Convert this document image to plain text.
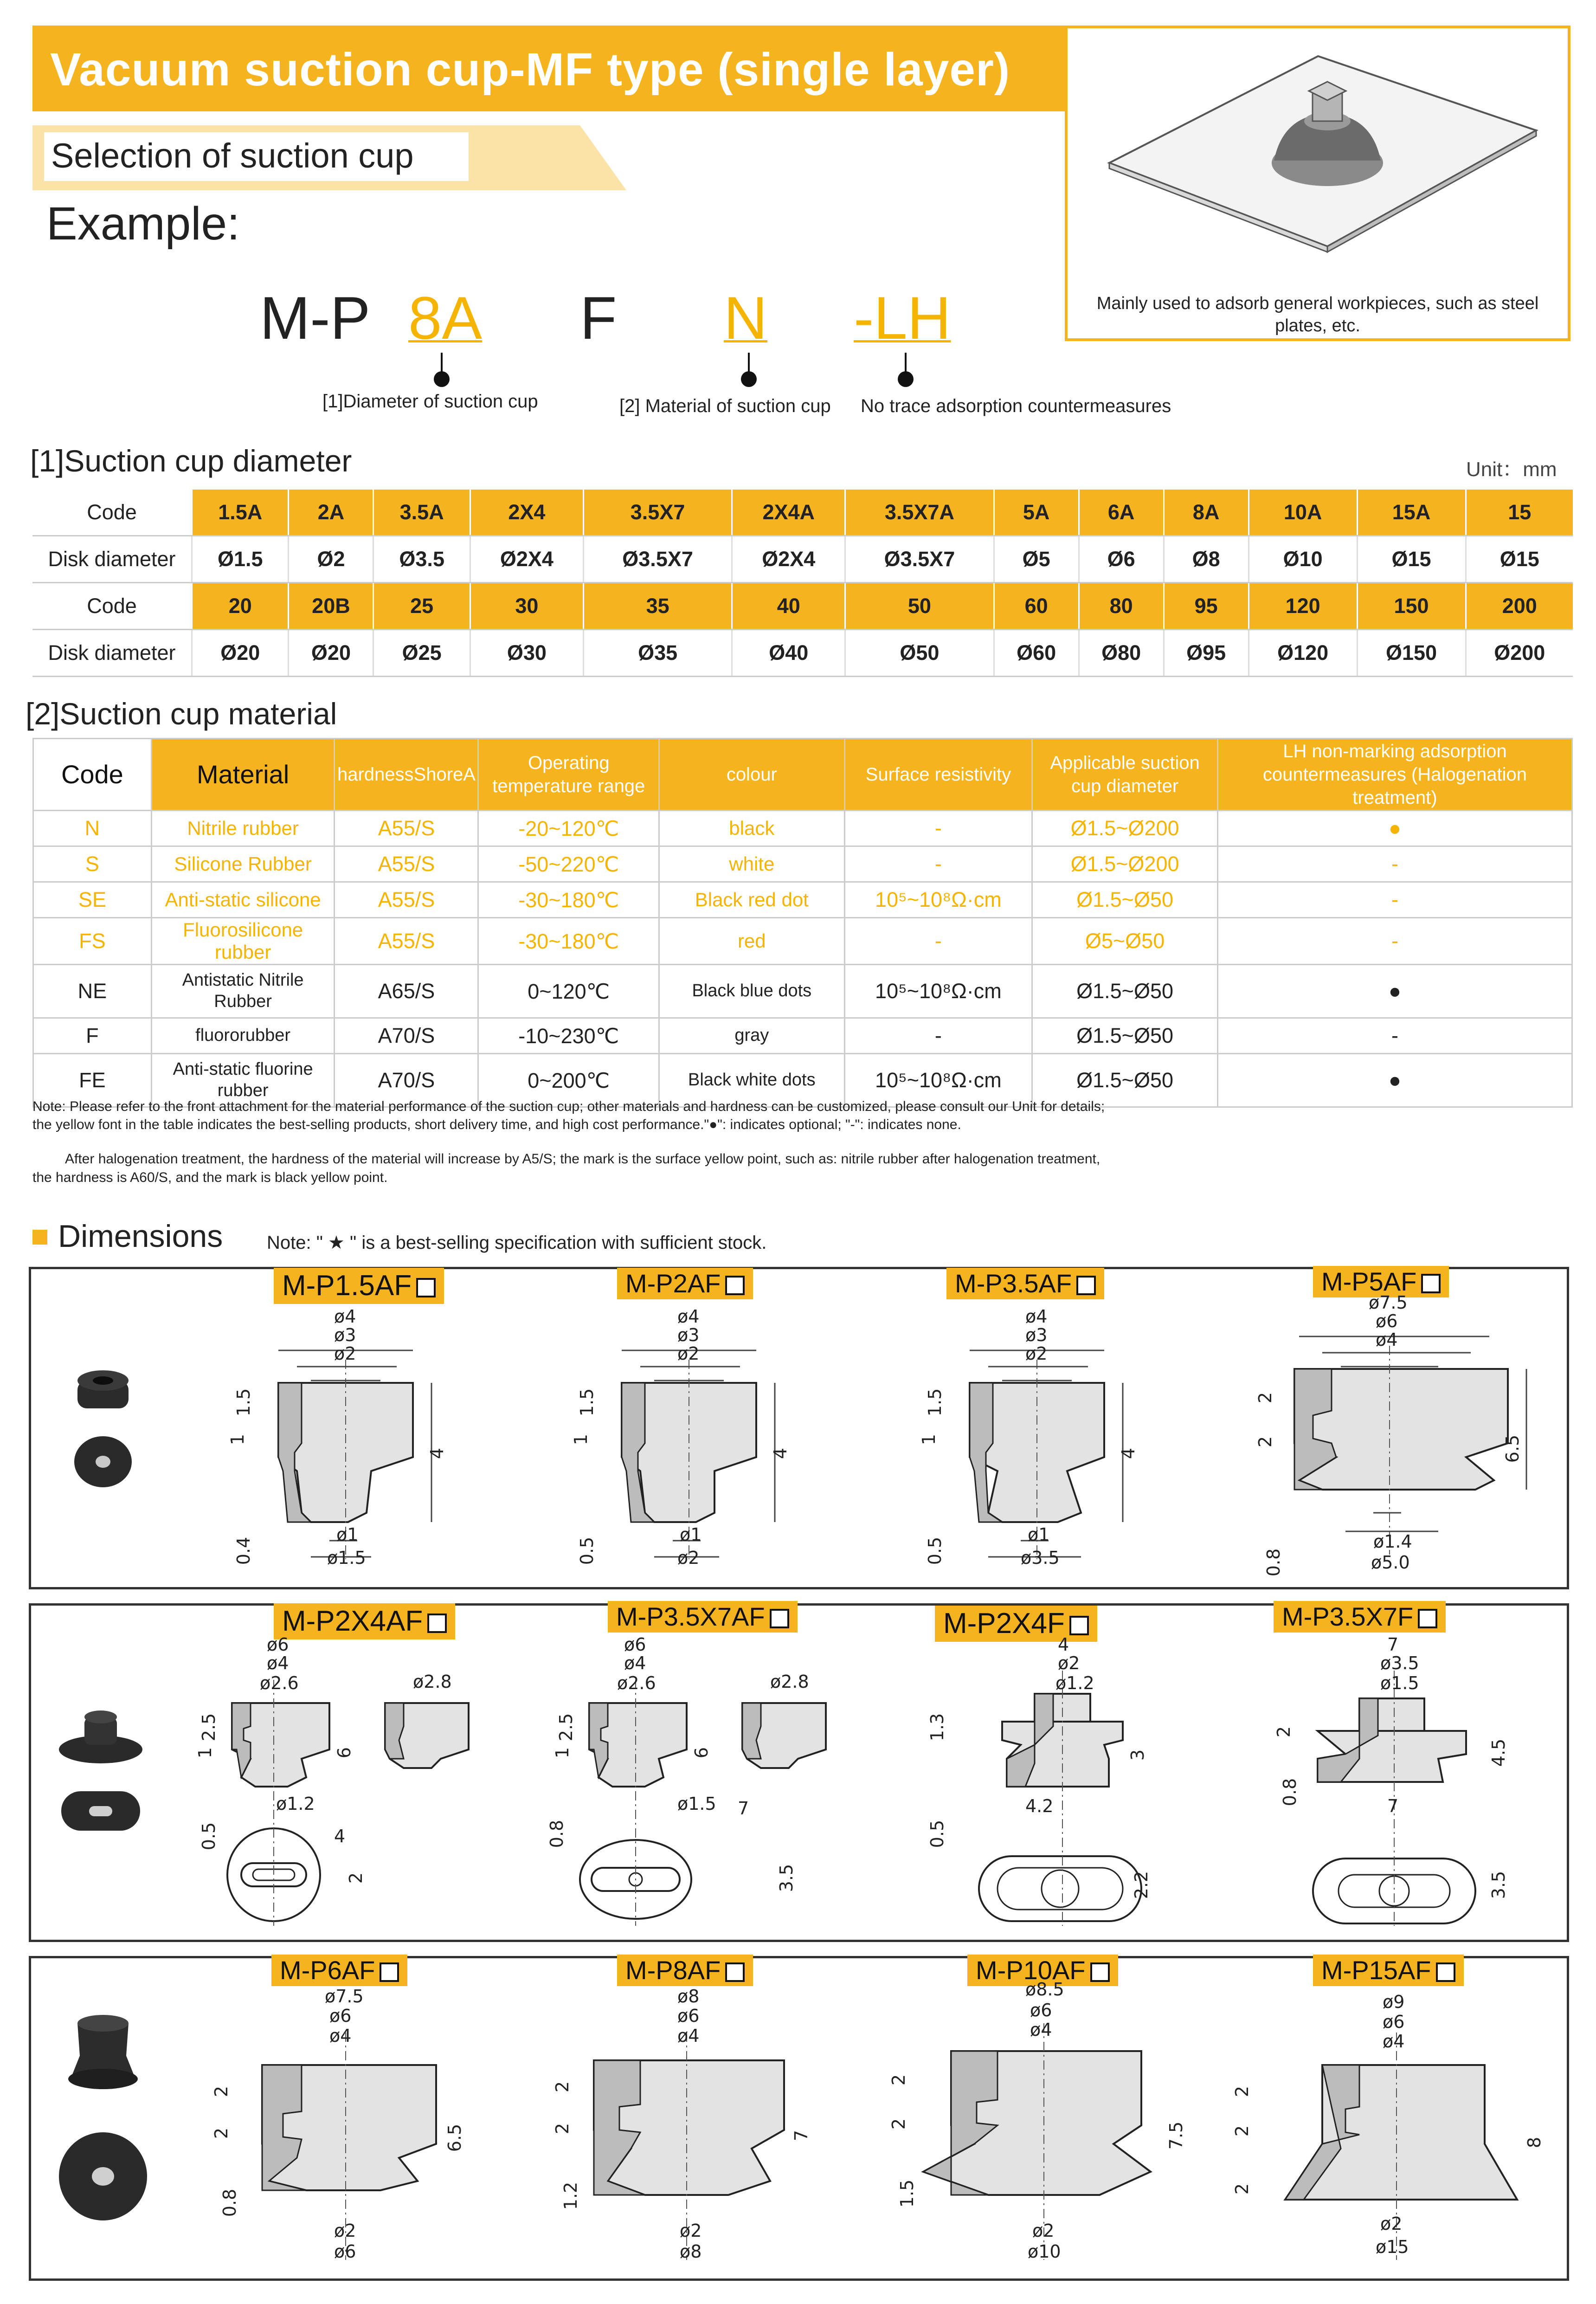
Vacuum suction cup-MF type (single layer)
Selection of suction cup
Example:
M-P 8A F N -LH
[1]Diameter of suction cup	[2] Material of suction cup No trace adsorption countermeasures
Mainly used to adsorb general workpieces, such as steel plates, etc.
[1]Suction cup diameter	Unit：mm
Code	1.5A	2A	3.5A	2X4	3.5X7	2X4A	3.5X7A	5A	6A	8A	10A	15A	15
Disk diameter	Ø1.5	Ø2	Ø3.5	Ø2X4	Ø3.5X7	Ø2X4	Ø3.5X7	Ø5	Ø6	Ø8	Ø10	Ø15	Ø15
Code	20	20B	25	30	35	40	50	60	80	95	120	150	200
Disk diameter	Ø20	Ø20	Ø25	Ø30	Ø35	Ø40	Ø50	Ø60	Ø80	Ø95	Ø120	Ø150	Ø200
[2]Suction cup material
Code	Material	hardnessShoreA	Operating temperature range	colour	Surface resistivity	Applicable suction cup diameter	LH non-marking adsorption countermeasures (Halogenation treatment)
N	Nitrile rubber	A55/S	-20~120℃	black	-	Ø1.5~Ø200	●
S	Silicone Rubber	A55/S	-50~220℃	white	-	Ø1.5~Ø200	-
SE	Anti-static silicone	A55/S	-30~180℃	Black red dot	10⁵~10⁸Ω·cm	Ø1.5~Ø50	-
FS	Fluorosilicone rubber	A55/S	-30~180℃	red	-	Ø5~Ø50	-
NE	Antistatic Nitrile Rubber	A65/S	0~120℃	Black blue dots	10⁵~10⁸Ω·cm	Ø1.5~Ø50	●
F	fluororubber	A70/S	-10~230℃	gray	-	Ø1.5~Ø50	-
FE	Anti-static fluorine rubber	A70/S	0~200℃	Black white dots	10⁵~10⁸Ω·cm	Ø1.5~Ø50	●
Note: Please refer to the front attachment for the material performance of the suction cup; other materials and hardness can be customized, please consult our Unit for details;
the yellow font in the table indicates the best-selling products, short delivery time, and high cost performance."●": indicates optional; "-": indicates none.
After halogenation treatment, the hardness of the material will increase by A5/S; the mark is the surface yellow point, such as: nitrile rubber after halogenation treatment,
the hardness is A60/S, and the mark is black yellow point.
Dimensions Note: " ★ " is a best-selling specification with sufficient stock.
M-P1.5AF	M-P2AF	M-P3.5AF	M-P5AF
ø4
ø3
ø2
1.5
1
4
0.4
ø1
ø1.5
ø4
ø3
ø2
1.5
1
4
0.5
ø1
ø2
ø4
ø3
ø2
1.5
1
4
0.5
ø1
ø3.5
ø7.5
ø6
ø4
2
2	6.5
0.8
ø1.4
ø5.0
M-P2X4AF	M-P3.5X7AF	M-P2X4F	M-P3.5X7F
ø6
ø4
ø2.6	ø2.8
2.5
1	6
0.5
ø1.2
4
2
ø6
ø4
ø2.6	ø2.8
2.5
1	6
0.8
ø1.5 7
3.5
4
ø2
ø1.2
1.3
3
0.5
4.2
2.2
7
ø3.5
ø1.5
2
4.5
0.8	7
3.5
M-P6AF	M-P8AF	M-P10AF	M-P15AF
ø7.5
ø6
ø4
2
2	6.5
0.8
ø2
ø6
ø8
ø6
ø4
2
2
7
1.2
ø2
ø8
ø8.5
ø6
ø4
2
2	7.5
1.5
ø2
ø10
ø9
ø6
ø4
2
2
8
2
ø2
ø15
